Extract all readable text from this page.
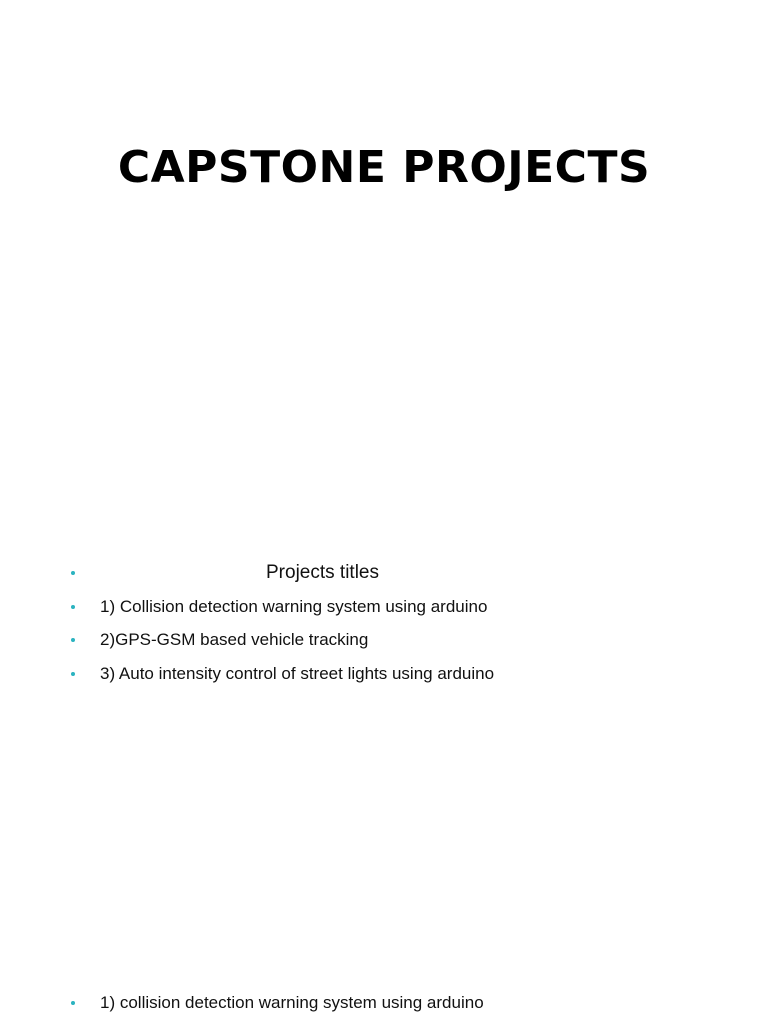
CAPSTONE PROJECTS
Projects titles
1) Collision detection warning system using arduino
2)GPS-GSM based vehicle tracking
3) Auto intensity control of street lights using arduino
1) collision detection warning system using arduino
